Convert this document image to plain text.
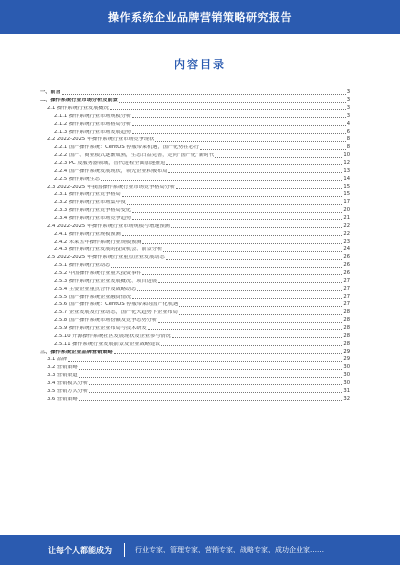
操作系统企业品牌营销策略研究报告
内容目录
一、前言	3
二、操作系统行业市场分析及前景	3
2.1 操作系统行业发展概况	3
2.1.1 操作系统行业市场规模分析	3
2.1.2 操作系统行业市场格局分析	4
2.1.3 操作系统行业市场发展趋势	6
2.2 2022-2025 年操作系统行业市场竞争现状	8
2.2.1 国产操作系统：CentOS 停服带来机遇，国产化势在必行	8
2.2.2 国产、商业模式逐渐成熟，生态日益完善，走向“国产化”新时代	10
2.2.3 PC 及服务器领域，替代进程全面加速推进	12
2.2.4 国产操作系统发展现状，领先企业积极布局	13
2.2.5 操作系统生态	14
2.3 2022-2025 年我国操作系统行业市场竞争格局分析	15
2.3.1 操作系统行业竞争格局	15
2.3.2 操作系统行业市场集中度	17
2.3.3 操作系统行业竞争格局变化	20
2.3.4 操作系统行业市场竞争趋势	21
2.4 2022-2025 年操作系统行业市场规模与增速预测	22
2.4.1 操作系统行业规模预测	22
2.4.2 未来五年操作系统行业规模预测	23
2.4.3 操作系统行业发展的投资机会、前景分析	24
2.5 2022-2025 年操作系统行业重点企业发展动态	26
2.5.1 操作系统行业动态	26
2.5.2 中国操作系统行业重大投资事件	26
2.5.3 操作系统行业企业发展概况、项目进展	27
2.5.4 主要企业重点合作及战略动态	27
2.5.5 国产操作系统企业融资情况	27
2.5.6 国产操作系统：CentOS 停服带来的国产化机遇	27
2.5.7 企业发展及行业动态，国产化大趋势下企业布局	28
2.5.8 国产操作系统市场份额及竞争态势分析	28
2.5.9 操作系统行业企业布局与技术研发	28
2.5.10 开源操作系统社区发展现状及企业参与情况	28
2.5.11 操作系统行业发展前景及企业战略建议	28
三、操作系统企业品牌营销策略	29
3.1 品牌	29
3.2 营销策略	30
3.3 营销渠道	30
3.4 营销模式分析	30
3.5 营销方式分析	31
3.6 营销策略	32
让每个人都能成为	行业专家、管理专家、营销专家、战略专家、成功企业家……
